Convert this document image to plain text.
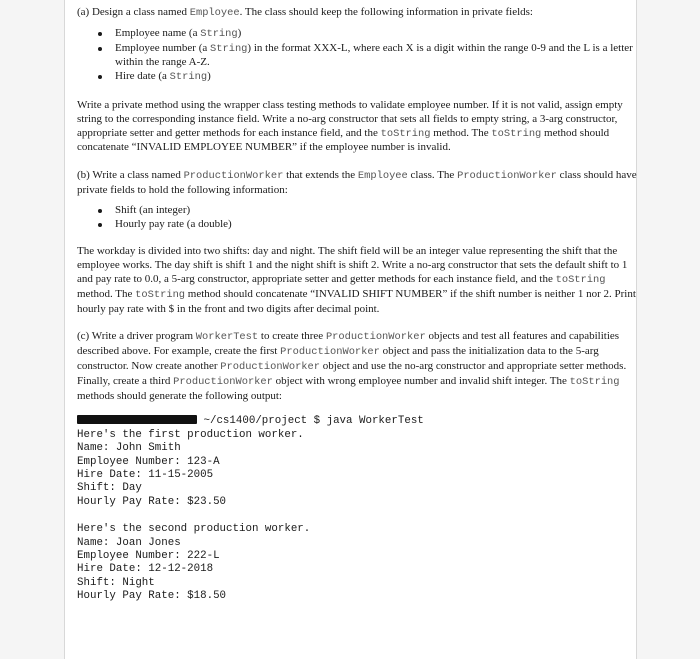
(a) Design a class named Employee. The class should keep the following information in private fields:

Employee name (a String)
Employee number (a String) in the format XXX-L, where each X is a digit within the range 0-9 and the L is a letter within the range A-Z.
Hire date (a String)

Write a private method using the wrapper class testing methods to validate employee number. If it is not valid, assign empty string to the corresponding instance field. Write a no-arg constructor that sets all fields to empty string, a 3-arg constructor, appropriate setter and getter methods for each instance field, and the toString method. The toString method should concatenate “INVALID EMPLOYEE NUMBER” if the employee number is invalid.

(b) Write a class named ProductionWorker that extends the Employee class. The ProductionWorker class should have private fields to hold the following information:

Shift (an integer)
Hourly pay rate (a double)

The workday is divided into two shifts: day and night. The shift field will be an integer value representing the shift that the employee works. The day shift is shift 1 and the night shift is shift 2. Write a no-arg constructor that sets the default shift to 1 and pay rate to 0.0, a 5-arg constructor, appropriate setter and getter methods for each instance field, and the toString method. The toString method should concatenate “INVALID SHIFT NUMBER” if the shift number is neither 1 nor 2. Print hourly pay rate with $ in the front and two digits after decimal point.

(c) Write a driver program WorkerTest to create three ProductionWorker objects and test all features and capabilities described above. For example, create the first ProductionWorker object and pass the initialization data to the 5-arg constructor. Now create another ProductionWorker object and use the no-arg constructor and appropriate setter methods. Finally, create a third ProductionWorker object with wrong employee number and invalid shift integer. The toString methods should generate the following output:

~/cs1400/project $ java WorkerTest
Here's the first production worker.
Name: John Smith
Employee Number: 123-A
Hire Date: 11-15-2005
Shift: Day
Hourly Pay Rate: $23.50
Here's the second production worker.
Name: Joan Jones
Employee Number: 222-L
Hire Date: 12-12-2018
Shift: Night
Hourly Pay Rate: $18.50
